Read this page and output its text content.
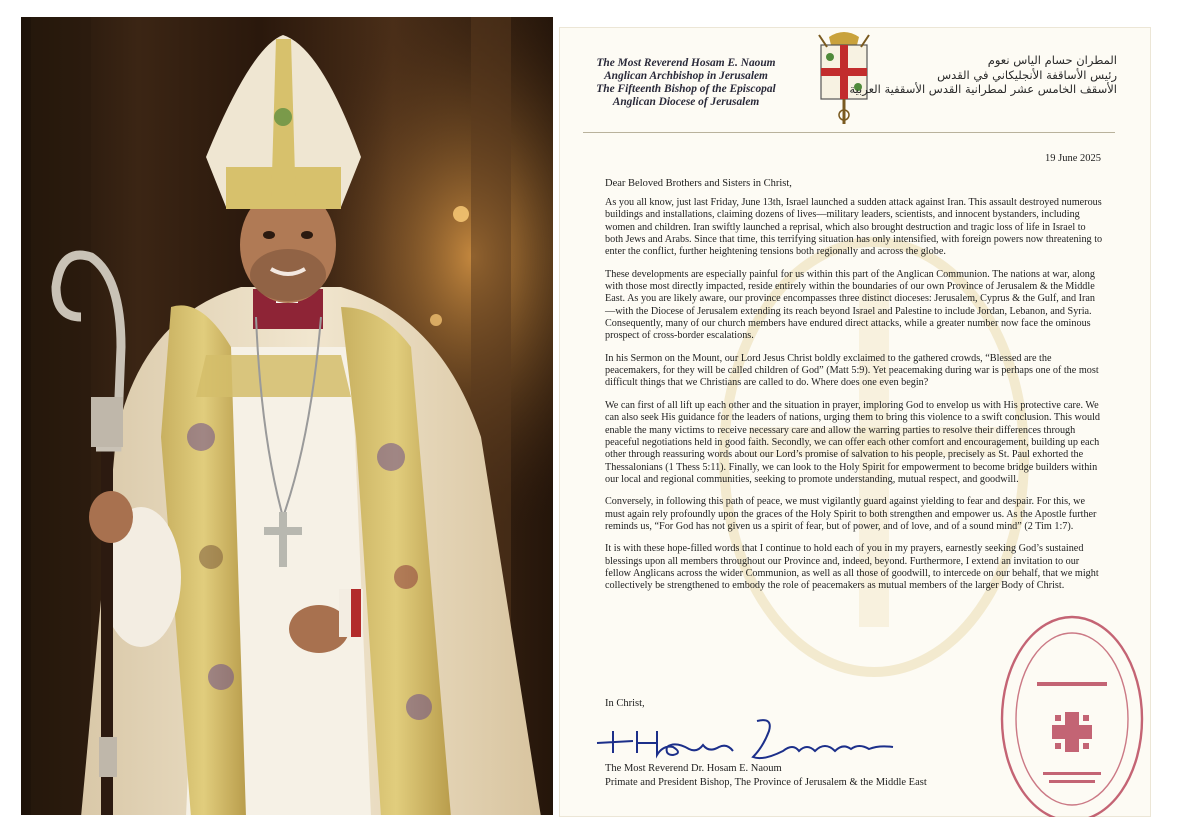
The Most Reverend Hosam E. Naoum
Anglican Archbishop in Jerusalem
The Fifteenth Bishop of the Episcopal
Anglican Diocese of Jerusalem
المطران حسام الياس نعوم
رئيس الأساقفة الأنجليكاني في القدس
الأسقف الخامس عشر لمطرانية القدس الأسقفية العربية
19 June 2025
Dear Beloved Brothers and Sisters in Christ,

As you all know, just last Friday, June 13th, Israel launched a sudden attack against Iran. This assault destroyed numerous buildings and installations, claiming dozens of lives—military leaders, scientists, and innocent bystanders, including women and children. Iran swiftly launched a reprisal, which also brought destruction and tragic loss of life in Israel to both Jews and Arabs. Since that time, this terrifying situation has only intensified, with foreign powers now threatening to enter the conflict, further heightening tensions both regionally and across the globe.

These developments are especially painful for us within this part of the Anglican Communion. The nations at war, along with those most directly impacted, reside entirely within the boundaries of our own Province of Jerusalem & the Middle East. As you are likely aware, our province encompasses three distinct dioceses: Jerusalem, Cyprus & the Gulf, and Iran—with the Diocese of Jerusalem extending its reach beyond Israel and Palestine to include Jordan, Lebanon, and Syria. Consequently, many of our church members have endured direct attacks, while a greater number now face the ominous prospect of cross-border escalations.

In his Sermon on the Mount, our Lord Jesus Christ boldly exclaimed to the gathered crowds, “Blessed are the peacemakers, for they will be called children of God” (Matt 5:9). Yet peacemaking during war is perhaps one of the most difficult things that we Christians are called to do. Where does one even begin?

We can first of all lift up each other and the situation in prayer, imploring God to envelop us with His protective care. We can also seek His guidance for the leaders of nations, urging them to bring this violence to a swift conclusion. This would enable the many victims to receive necessary care and allow the warring parties to resolve their differences through peaceful negotiations held in good faith. Secondly, we can offer each other comfort and encouragement, building up each other through reassuring words about our Lord’s promise of salvation to his people, precisely as St. Paul exhorted the Thessalonians (1 Thess 5:11). Finally, we can look to the Holy Spirit for empowerment to become bridge builders within our local and regional communities, seeking to promote understanding, mutual respect, and goodwill.

Conversely, in following this path of peace, we must vigilantly guard against yielding to fear and despair. For this, we must again rely profoundly upon the graces of the Holy Spirit to both strengthen and empower us. As the Apostle further reminds us, “For God has not given us a spirit of fear, but of power, and of love, and of a sound mind” (2 Tim 1:7).

It is with these hope-filled words that I continue to hold each of you in my prayers, earnestly seeking God’s sustained blessings upon all members throughout our Province and, indeed, beyond. Furthermore, I extend an invitation to our fellow Anglicans across the wider Communion, as well as all those of goodwill, to intercede on our behalf, that we might collectively be strengthened to embody the role of peacemakers as mutual members of the larger Body of Christ.

In Christ,
The Most Reverend Dr. Hosam E. Naoum
Primate and President Bishop, The Province of Jerusalem & the Middle East
